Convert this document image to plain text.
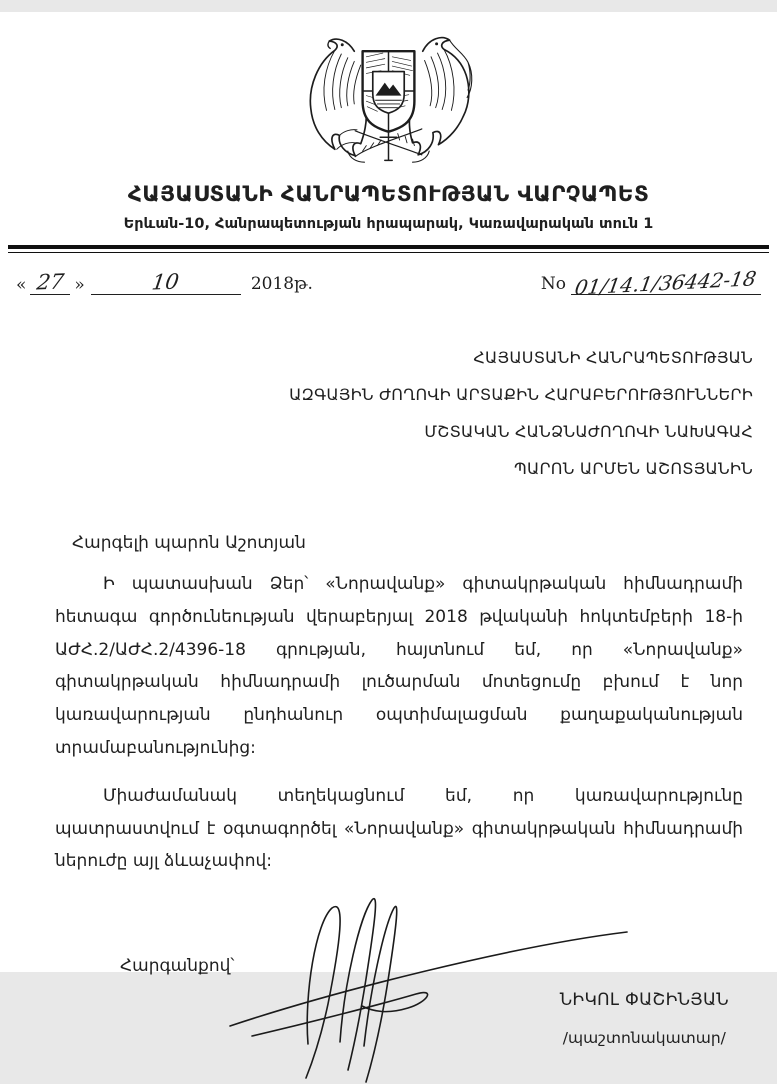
ՀԱՅԱՍՏԱՆԻ ՀԱՆՐԱՊԵՏՈՒԹՅԱՆ ՎԱՐՉԱՊԵՏ
Երևան-10, Հանրապետության հրապարակ, Կառավարական տուն 1
« 27 »	10	2018թ.	No 01/14.1/36442-18
ՀԱՅԱՍՏԱՆԻ ՀԱՆՐԱՊԵՏՈՒԹՅԱՆ
ԱԶԳԱՅԻՆ ԺՈՂՈՎԻ ԱՐՏԱՔԻՆ ՀԱՐԱԲԵՐՈՒԹՅՈՒՆՆԵՐԻ
ՄՇՏԱԿԱՆ ՀԱՆՁՆԱԺՈՂՈՎԻ ՆԱԽԱԳԱՀ
ՊԱՐՈՆ ԱՐՄԵՆ ԱՇՈՏՅԱՆԻՆ
Հարգելի պարոն Աշոտյան

Ի պատասխան Ձեր՝ «Նորավանք» գիտակրթական հիմնադրամի հետագա գործունեության վերաբերյալ 2018 թվականի հոկտեմբերի 18-ի ԱԺՀ.2/ԱԺՀ.2/4396-18 գրության, հայտնում եմ, որ «Նորավանք» գիտակրթական հիմնադրամի լուծարման մոտեցումը բխում է նոր կառավարության ընդհանուր օպտիմալացման քաղաքականության տրամաբանությունից:

Միաժամանակ տեղեկացնում եմ, որ կառավարությունը պատրաստվում է օգտագործել «Նորավանք» գիտակրթական հիմնադրամի ներուժը այլ ձևաչափով:

Հարգանքով՝
ՆԻԿՈԼ ՓԱՇԻՆՅԱՆ
/պաշտոնակատար/
